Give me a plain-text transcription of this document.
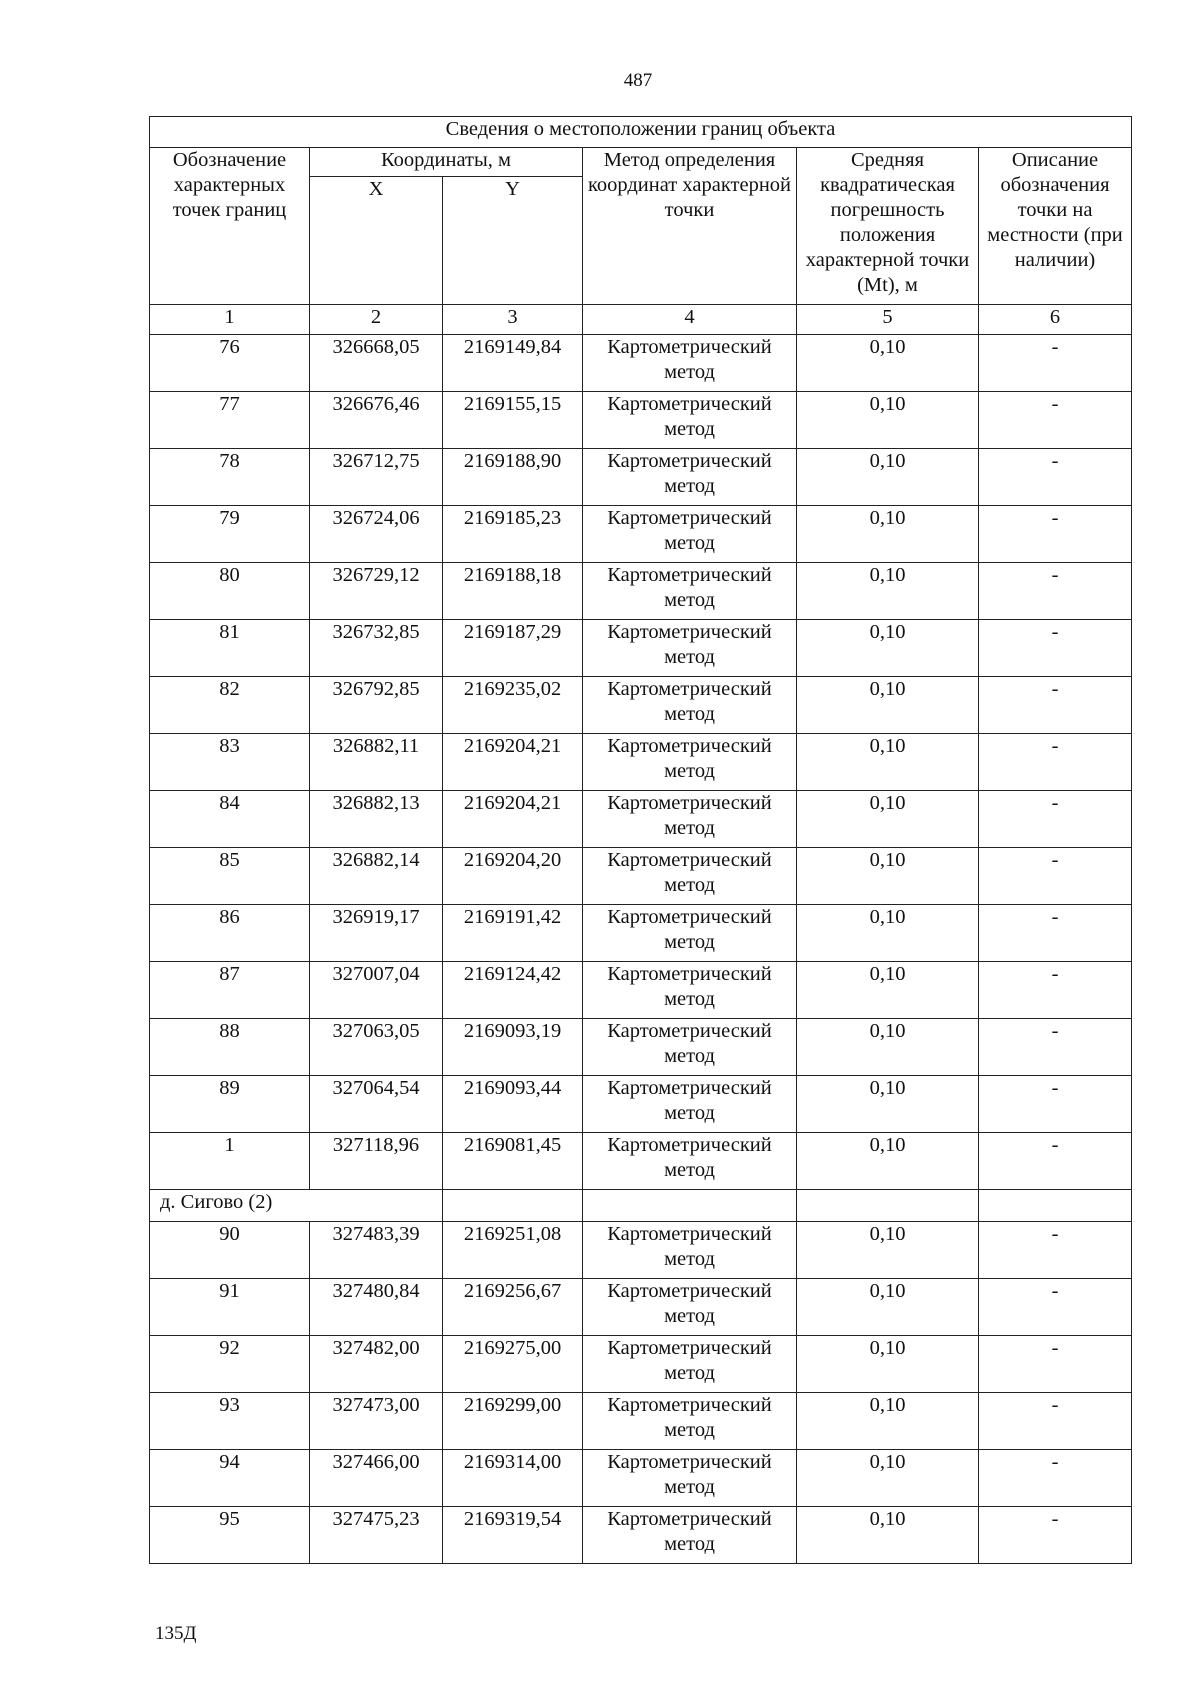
487
Сведения о местоположении границ объекта					
Обозначение характерных точек границ	Координаты, м		Метод определения координат характерной точки	Средняя квадратическая погрешность положения характерной точки (Mt), м	Описание обозначения точки на местности (при наличии)
	X	Y			
1	2	3	4	5	6
76	326668,05	2169149,84	Картометрический метод	0,10	-
77	326676,46	2169155,15	Картометрический метод	0,10	-
78	326712,75	2169188,90	Картометрический метод	0,10	-
79	326724,06	2169185,23	Картометрический метод	0,10	-
80	326729,12	2169188,18	Картометрический метод	0,10	-
81	326732,85	2169187,29	Картометрический метод	0,10	-
82	326792,85	2169235,02	Картометрический метод	0,10	-
83	326882,11	2169204,21	Картометрический метод	0,10	-
84	326882,13	2169204,21	Картометрический метод	0,10	-
85	326882,14	2169204,20	Картометрический метод	0,10	-
86	326919,17	2169191,42	Картометрический метод	0,10	-
87	327007,04	2169124,42	Картометрический метод	0,10	-
88	327063,05	2169093,19	Картометрический метод	0,10	-
89	327064,54	2169093,44	Картометрический метод	0,10	-
1	327118,96	2169081,45	Картометрический метод	0,10	-
д. Сигово (2)					
90	327483,39	2169251,08	Картометрический метод	0,10	-
91	327480,84	2169256,67	Картометрический метод	0,10	-
92	327482,00	2169275,00	Картометрический метод	0,10	-
93	327473,00	2169299,00	Картометрический метод	0,10	-
94	327466,00	2169314,00	Картометрический метод	0,10	-
95	327475,23	2169319,54	Картометрический метод	0,10	-
135Д
